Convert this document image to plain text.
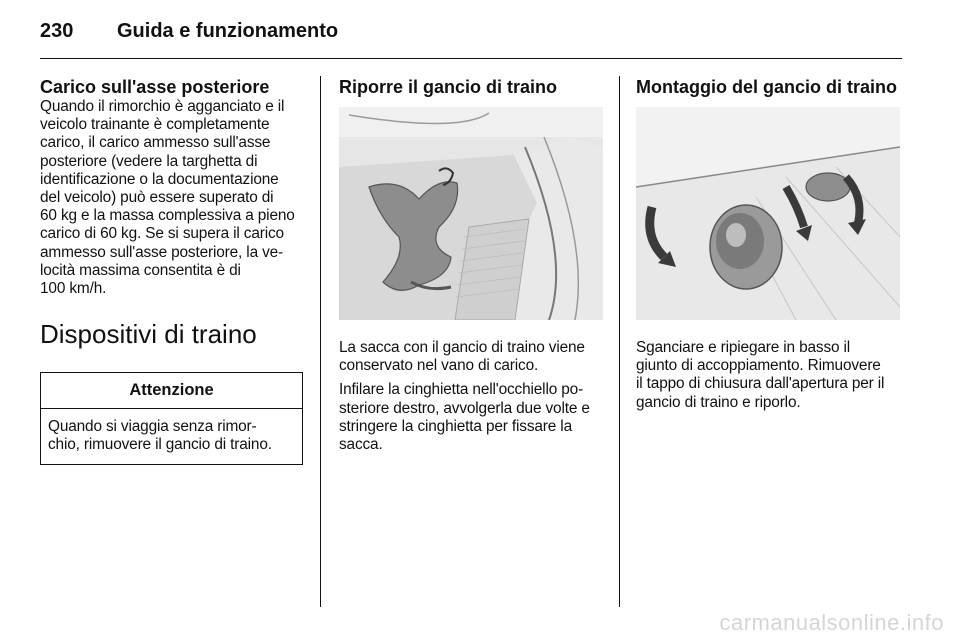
230 Guida e funzionamento
Carico sull'asse posteriore

Quando il rimorchio è agganciato e il
veicolo trainante è completamente
carico, il carico ammesso sull'asse
posteriore (vedere la targhetta di
identificazione o la documentazione
del veicolo) può essere superato di
60 kg e la massa complessiva a pieno
carico di 60 kg. Se si supera il carico
ammesso sull'asse posteriore, la ve-
locità massima consentita è di
100 km/h.

Dispositivi di traino
Attenzione

Quando si viaggia senza rimor-
chio, rimuovere il gancio di traino.

Riporre il gancio di traino

La sacca con il gancio di traino viene
conservato nel vano di carico.

Infilare la cinghietta nell'occhiello po-
steriore destro, avvolgerla due volte e
stringere la cinghietta per fissare la
sacca.

Montaggio del gancio di traino

Sganciare e ripiegare in basso il
giunto di accoppiamento. Rimuovere
il tappo di chiusura dall'apertura per il
gancio di traino e riporlo.

carmanualsonline.info
